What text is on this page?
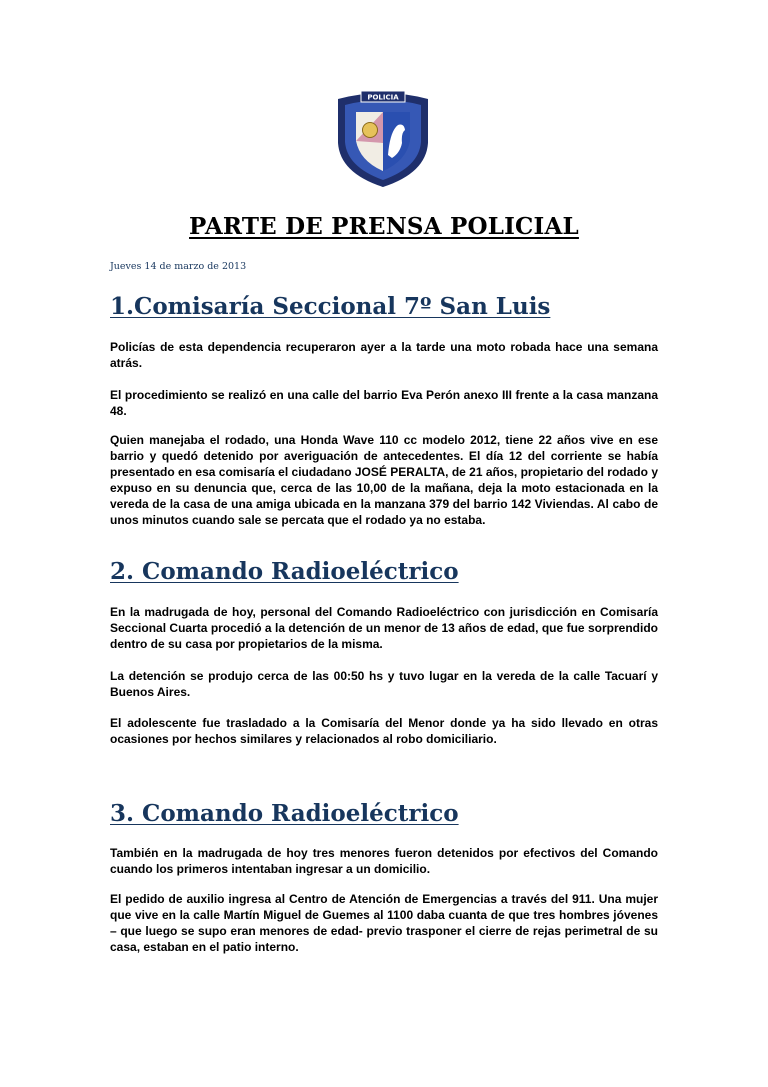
POLICIA
PARTE DE PRENSA POLICIAL
Jueves 14 de marzo de 2013
1.Comisaría Seccional 7º San Luis

Policías de esta dependencia recuperaron ayer a la tarde una moto robada hace una semana atrás.

El procedimiento se realizó en una calle del barrio Eva Perón anexo III frente a la casa manzana 48.

Quien manejaba el rodado, una Honda Wave 110 cc modelo 2012, tiene 22 años vive en ese barrio y quedó detenido por averiguación de antecedentes. El día 12 del corriente se había presentado en esa comisaría el ciudadano JOSÉ PERALTA, de 21 años, propietario del rodado y expuso en su denuncia que, cerca de las 10,00 de la mañana, deja la moto estacionada en la vereda de la casa de una amiga ubicada en la manzana 379 del barrio 142 Viviendas. Al cabo de unos minutos cuando sale se percata que el rodado ya no estaba.

2. Comando Radioeléctrico

En la madrugada de hoy, personal del Comando Radioeléctrico con jurisdicción en Comisaría Seccional Cuarta procedió a la detención de un menor de 13 años de edad, que fue sorprendido dentro de su casa por propietarios de la misma.

La detención se produjo cerca de las 00:50 hs y tuvo lugar en la vereda de la calle Tacuarí y Buenos Aires.

El adolescente fue trasladado a la Comisaría del Menor donde ya ha sido llevado en otras ocasiones por hechos similares y relacionados al robo domiciliario.

3. Comando Radioeléctrico

También en la madrugada de hoy tres menores fueron detenidos por efectivos del Comando cuando los primeros intentaban ingresar a un domicilio.

El pedido de auxilio ingresa al Centro de Atención de Emergencias a través del 911. Una mujer que vive en la calle Martín Miguel de Guemes al 1100 daba cuanta de que tres hombres jóvenes – que luego se supo eran menores de edad- previo trasponer el cierre de rejas perimetral de su casa, estaban en el patio interno.
